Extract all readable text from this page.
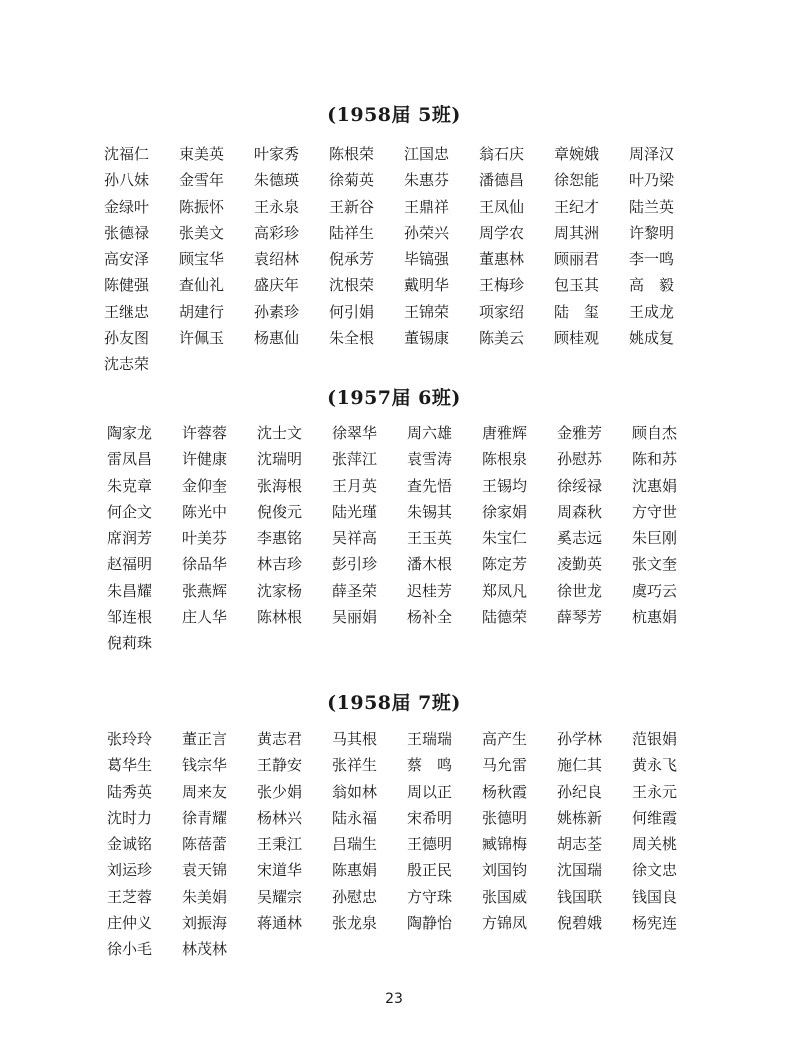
(1958届 5班)
沈福仁	束美英	叶家秀	陈根荣	江国忠	翁石庆	章婉娥	周泽汉
孙八妹	金雪年	朱德瑛	徐菊英	朱惠芬	潘德昌	徐恕能	叶乃梁
金绿叶	陈振怀	王永泉	王新谷	王鼎祥	王凤仙	王纪才	陆兰英
张德禄	张美文	高彩珍	陆祥生	孙荣兴	周学农	周其洲	许黎明
高安泽	顾宝华	袁绍林	倪承芳	毕镐强	董惠林	顾丽君	李一鸣
陈健强	查仙礼	盛庆年	沈根荣	戴明华	王梅珍	包玉其	高　毅
王继忠	胡建行	孙素珍	何引娟	王锦荣	项家绍	陆　玺	王成龙
孙友图	许佩玉	杨惠仙	朱全根	董锡康	陈美云	顾桂观	姚成复
沈志荣
(1957届 6班)
陶家龙	许蓉蓉	沈士文	徐翠华	周六雄	唐雅辉	金雅芳	顾自杰
雷凤昌	许健康	沈瑞明	张萍江	袁雪涛	陈根泉	孙慰苏	陈和苏
朱克章	金仰奎	张海根	王月英	查先悟	王锡均	徐绥禄	沈惠娟
何企文	陈光中	倪俊元	陆光瑾	朱锡其	徐家娟	周森秋	方守世
席润芳	叶美芬	李惠铭	吴祥高	王玉英	朱宝仁	奚志远	朱巨刚
赵福明	徐品华	林吉珍	彭引珍	潘木根	陈定芳	凌勤英	张文奎
朱昌耀	张燕辉	沈家杨	薛圣荣	迟桂芳	郑凤凡	徐世龙	虞巧云
邹连根	庄人华	陈林根	吴丽娟	杨补全	陆德荣	薛琴芳	杭惠娟
倪莉珠
(1958届 7班)
张玲玲	董正言	黄志君	马其根	王瑞瑞	高产生	孙学林	范银娟
葛华生	钱宗华	王静安	张祥生	蔡　鸣	马允雷	施仁其	黄永飞
陆秀英	周来友	张少娟	翁如林	周以正	杨秋霞	孙纪良	王永元
沈时力	徐青耀	杨林兴	陆永福	宋希明	张德明	姚栋新	何维霞
金诚铭	陈蓓蕾	王秉江	吕瑞生	王德明	臧锦梅	胡志荃	周关桃
刘运珍	袁天锦	宋道华	陈惠娟	殷正民	刘国钧	沈国瑞	徐文忠
王芝蓉	朱美娟	吴耀宗	孙慰忠	方守珠	张国威	钱国联	钱国良
庄仲义	刘振海	蒋通林	张龙泉	陶静怡	方锦凤	倪碧娥	杨宪连
徐小毛	林茂林
23
